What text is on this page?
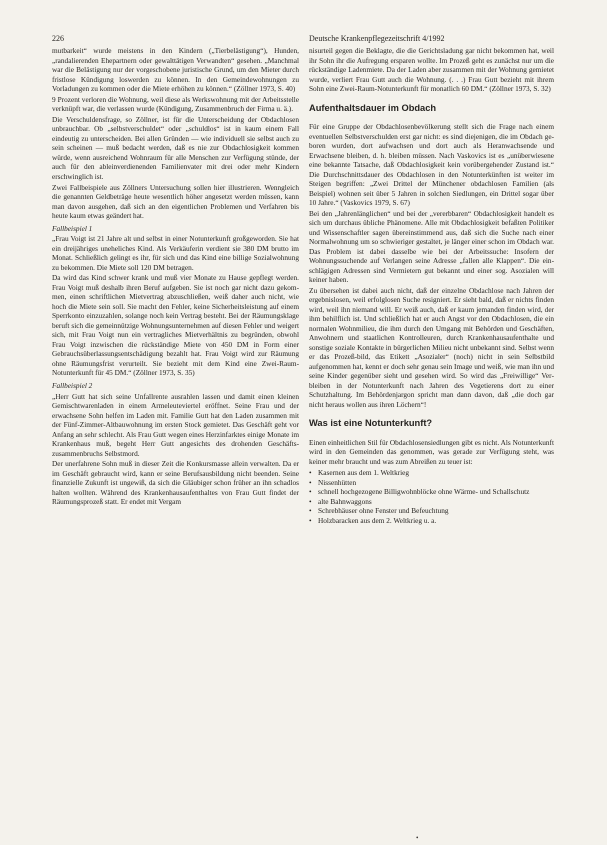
226	Deutsche Krankenpflegezeitschrift 4/1992

mutbarkeit“ wurde meistens in den Kindern („Tierbelästigung“), Hunden, „randalierenden Ehepartnern oder gewalttätigen Verwandten“ gesehen. „Manchmal war die Belästigung nur der vorgeschobene juristische Grund, um den Mieter durch fristlose Kündigung loswerden zu können. In den Gemeindewohnungen zu Vorladungen zu kommen oder die Miete erhöhen zu können.“ (Zöllner 1973, S. 40)

9 Prozent verloren die Wohnung, weil diese als Werkswohnung mit der Arbeitsstelle verknüpft war, die verlassen wurde (Kündigung, Zusammenbruch der Firma u. ä.).

Die Verschuldensfrage, so Zöllner, ist für die Unterscheidung der Obdachlosen unbrauchbar. Ob „selbstverschuldet“ oder „schuldlos“ ist in kaum einem Fall eindeutig zu unterscheiden. Bei allen Gründen — wie individuell sie selbst auch zu sein scheinen — muß bedacht werden, daß es nie zur Obdachlosigkeit kommen würde, wenn ausreichend Wohnraum für alle Menschen zur Verfügung stünde, der auch für den ableinverdienenden Familienvater mit drei oder mehr Kindern erschwinglich ist.

Zwei Fallbeispiele aus Zöllners Untersuchung sollen hier illustrieren. Wenngleich die genannten Geldbeträge heute wesentlich höher angesetzt werden müssen, kann man davon ausgehen, daß sich an den eigentlichen Problemen und Verfahren bis heute kaum etwas geändert hat.

Fallbeispiel 1

„Frau Voigt ist 21 Jahre alt und selbst in einer Notunterkunft großgeworden. Sie hat ein dreijähriges uneheliches Kind. Als Verkäuferin verdient sie 380 DM brutto im Monat. Schließlich gelingt es ihr, für sich und das Kind eine billige Sozialwohnung zu bekommen. Die Miete soll 120 DM betragen.

Da wird das Kind schwer krank und muß vier Monate zu Hause gepflegt werden. Frau Voigt muß deshalb ihren Beruf aufgeben. Sie ist noch gar nicht dazu gekommen, einen schriftlichen Mietvertrag abzuschließen, weiß daher auch nicht, wie hoch die Miete sein soll. Sie macht den Fehler, keine Sicherheitsleistung auf einem Sperrkonto einzuzahlen, solange noch kein Vertrag besteht. Bei der Räumungsklage beruft sich die gemeinnützige Wohnungsunternehmen auf diesen Fehler und weigert sich, mit Frau Voigt nun ein vertragliches Mietverhältnis zu begründen, obwohl Frau Voigt inzwischen die rückständige Miete von 450 DM in Form einer Gebrauchsüberlassungsentschädigung bezahlt hat. Frau Voigt wird zur Räumung ohne Räumungsfrist verurteilt. Sie bezieht mit dem Kind eine Zwei-Raum-Notunterkunft für 45 DM.“ (Zöllner 1973, S. 35)

Fallbeispiel 2

„Herr Gutt hat sich seine Unfallrente ausrahlen lassen und damit einen kleinen Gemischtwarenladen in einem Armeleuteviertel eröffnet. Seine Frau und der erwachsene Sohn helfen im Laden mit. Familie Gutt hat den Laden zusammen mit der Fünf-Zimmer-Altbauwohnung im ersten Stock gemietet. Das Geschäft geht vor Anfang an sehr schlecht. Als Frau Gutt wegen eines Herzinfarktes einige Monate im Krankenhaus muß, begeht Herr Gutt angesichts des drohenden Geschäftszusammenbruchs Selbstmord.

Der unerfahrene Sohn muß in dieser Zeit die Konkursmasse allein verwalten. Da er im Geschäft gebraucht wird, kann er seine Berufsausbildung nicht beenden. Seine finanzielle Zukunft ist ungewiß, da sich die Gläubiger schon früher an ihn schadlos halten wollten. Während des Krankenhausaufenthaltes von Frau Gutt findet der Räumungsprozeß statt. Er endet mit Vergam

nisurteil gegen die Beklagte, die die Gerichtsladung gar nicht bekommen hat, weil ihr Sohn ihr die Aufregung ersparen wollte. Im Prozeß geht es zunächst nur um die rückständige Ladenmiete. Da der Laden aber zusammen mit der Wohnung gemietet wurde, verliert Frau Gutt auch die Wohnung. (. . .) Frau Gutt bezieht mit ihrem Sohn eine Zwei-Raum-Notunterkunft für monatlich 60 DM.“ (Zöllner 1973, S. 32)

Aufenthaltsdauer im Obdach

Für eine Gruppe der Obdachlosenbevölkerung stellt sich die Frage nach einem eventuellen Selbstverschulden erst gar nicht: es sind diejenigen, die im Obdach geboren wurden, dort aufwachsen und dort auch als Heranwachsende und Erwachsene bleiben, d. h. bleiben müssen. Nach Vaskovics ist es „unüberwiesene eine bekannte Tatsache, daß Obdachlosigkeit kein vorübergehender Zustand ist.“ Die Durchschnittsdauer des Obdachlosen in den Notunterkünften ist weiter im Steigen begriffen: „Zwei Drittel der Münchener obdachlosen Familien (als Beispiel) wohnen seit über 5 Jahren in solchen Siedlungen, ein Drittel sogar über 10 Jahre.“ (Vaskovics 1979, S. 67)

Bei den „Jahrenlänglichen“ und bei der „vererbbaren“ Obdachlosigkeit handelt es sich um durchaus übliche Phänomene. Alle mit Obdachlosigkeit befaßten Politiker und Wissenschaftler sagen übereinstimmend aus, daß sich die Suche nach einer Normalwohnung um so schwieriger gestaltet, je länger einer schon im Obdach war. Das Problem ist dabei dasselbe wie bei der Arbeitssuche: Insofern der Wohnungssuchende auf Verlangen seine Adresse „fallen alle Klappen“. Die einschlägigen Adressen sind Vermietern gut bekannt und einer sog. Asozialen will keiner haben.

Zu übersehen ist dabei auch nicht, daß der einzelne Obdachlose nach Jahren der ergebnislosen, weil erfolglosen Suche resigniert. Er sieht bald, daß er nichts finden wird, weil ihn niemand will. Er weiß auch, daß er kaum jemanden finden wird, der ihm behilflich ist. Und schließlich hat er auch Angst vor den Obdachlosen, die ein normalen Wohnmilieu, die ihm durch den Umgang mit Behörden und Geschäften, Anwohnern und staatlichen Kontrolleuren, durch Krankenhausaufenthalte und sonstige soziale Kontakte in bürgerlichen Milieu nicht unbekannt sind. Selbst wenn er das Prozeß-bild, das Etikett „Asozialer“ (noch) nicht in sein Selbstbild aufgenommen hat, kennt er doch sehr genau sein Image und weiß, wie man ihn und seine Kinder gegenüber sieht und gesehen wird. So wird das „Freiwillige“ Verbleiben in der Notunterkunft nach Jahren des Vegetierens dort zu einer Schutzhaltung. Im Behördenjargon spricht man dann davon, daß „die doch gar nicht heraus wollen aus ihren Löchern“!

Was ist eine Notunterkunft?

Einen einheitlichen Stil für Obdachlosensiedlungen gibt es nicht. Als Notunterkunft wird in den Gemeinden das genommen, was gerade zur Verfügung steht, was keiner mehr braucht und was zum Abreißen zu teuer ist:

• Kasernen aus dem 1. Weltkrieg
• Nissenhütten
• schnell hochgezogene Billigwohnblöcke ohne Wärme- und Schallschutz
• alte Bahnwaggons
• Schrebhäuser ohne Fenster und Befeuchtung
• Holzbaracken aus dem 2. Weltkrieg u. a.
•
